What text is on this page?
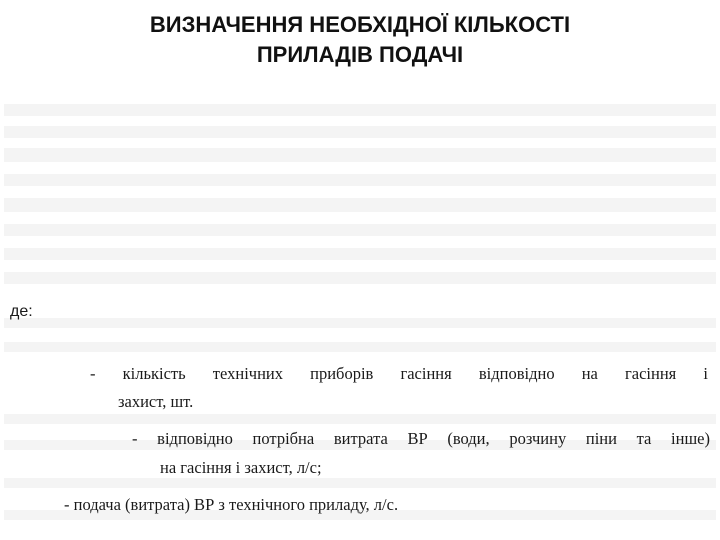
ВИЗНАЧЕННЯ НЕОБХІДНОЇ КІЛЬКОСТІ
ПРИЛАДІВ ПОДАЧІ
де:
- кількість технічних приборів гасіння відповідно на гасіння і
захист, шт.
- відповідно потрібна витрата ВР (води, розчину піни та інше)
на гасіння і захист, л/с;
- подача (витрата) ВР з технічного приладу, л/с.
